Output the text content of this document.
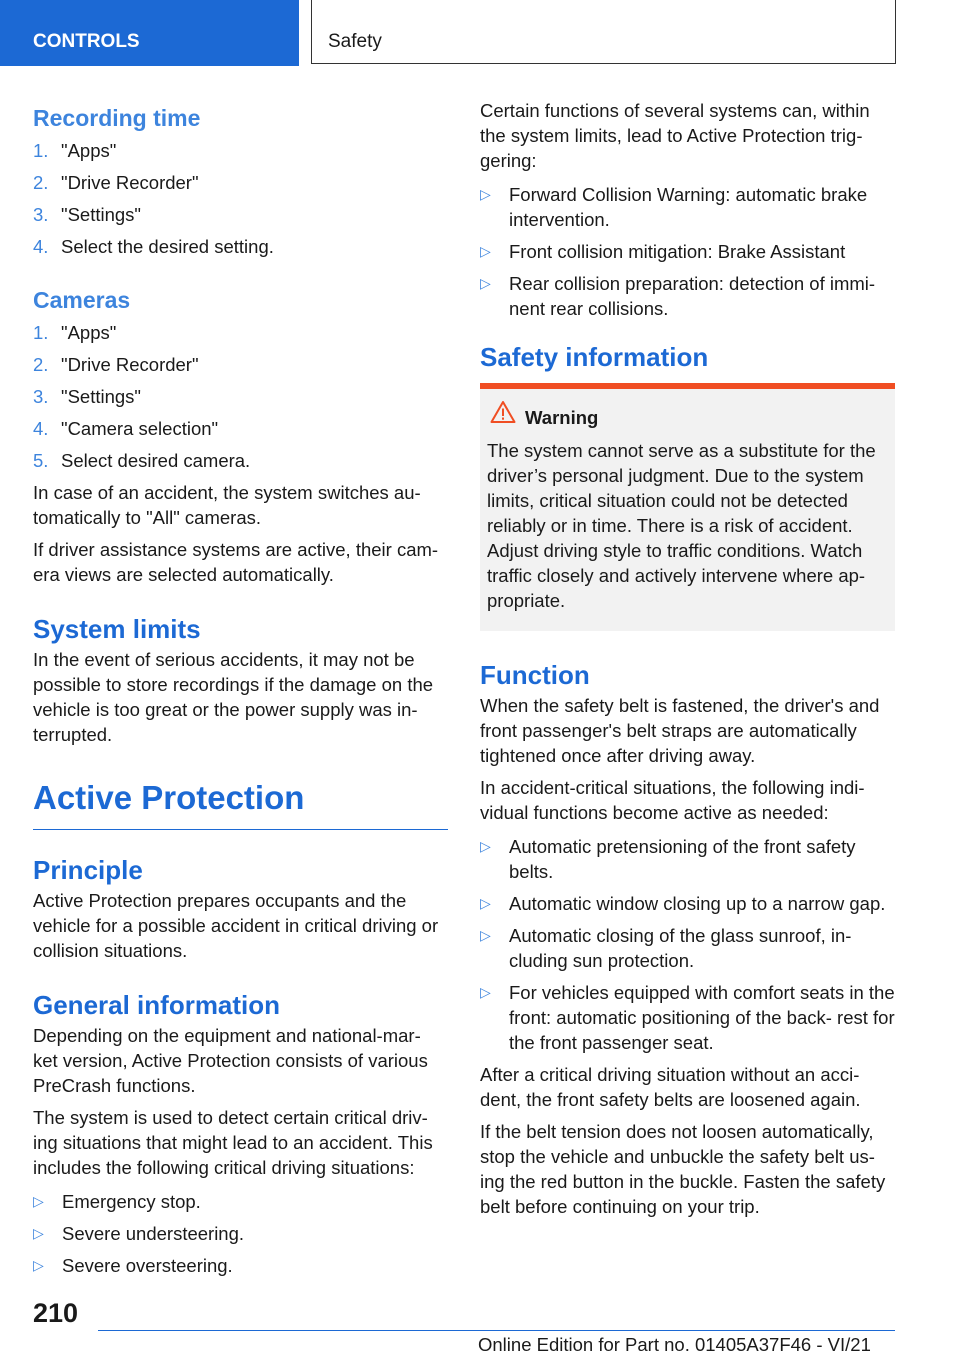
CONTROLS	Safety
Recording time
1. "Apps"
2. "Drive Recorder"
3. "Settings"
4. Select the desired setting.
Cameras
1. "Apps"
2. "Drive Recorder"
3. "Settings"
4. "Camera selection"
5. Select desired camera.

In case of an accident, the system switches au‐ tomatically to "All" cameras.

If driver assistance systems are active, their cam‐ era views are selected automatically.

System limits

In the event of serious accidents, it may not be possible to store recordings if the damage on the vehicle is too great or the power supply was in‐ terrupted.

Active Protection
Principle

Active Protection prepares occupants and the vehicle for a possible accident in critical driving or collision situations.

General information

Depending on the equipment and national-mar‐ ket version, Active Protection consists of various PreCrash functions.

The system is used to detect certain critical driv‐ ing situations that might lead to an accident. This includes the following critical driving situations:

▷ Emergency stop.
▷ Severe understeering.
▷ Severe oversteering.

Certain functions of several systems can, within the system limits, lead to Active Protection trig‐ gering:

▷ Forward Collision Warning: automatic brake intervention.
▷ Front collision mitigation: Brake Assistant
▷ Rear collision preparation: detection of immi‐ nent rear collisions.
Safety information
Warning
The system cannot serve as a substitute for the driver’s personal judgment. Due to the system limits, critical situation could not be detected reliably or in time. There is a risk of accident. Adjust driving style to traffic conditions. Watch traffic closely and actively intervene where ap‐ propriate.
Function

When the safety belt is fastened, the driver's and front passenger's belt straps are automatically tightened once after driving away.

In accident-critical situations, the following indi‐ vidual functions become active as needed:

▷ Automatic pretensioning of the front safety belts.
▷ Automatic window closing up to a narrow gap.
▷ Automatic closing of the glass sunroof, in‐ cluding sun protection.
▷ For vehicles equipped with comfort seats in the front: automatic positioning of the back‐ rest for the front passenger seat.

After a critical driving situation without an acci‐ dent, the front safety belts are loosened again.

If the belt tension does not loosen automatically, stop the vehicle and unbuckle the safety belt us‐ ing the red button in the buckle. Fasten the safety belt before continuing on your trip.

210
Online Edition for Part no. 01405A37F46 - VI/21
